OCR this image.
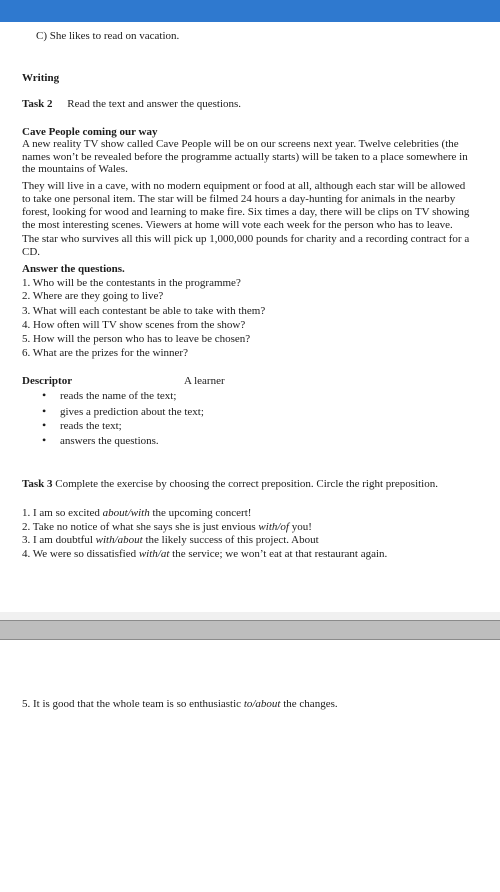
C) She likes to read on vacation.
Writing
Task 2 Read the text and answer the questions.
Cave People coming our way
A new reality TV show called Cave People will be on our screens next year. Twelve celebrities (the
names won’t be revealed before the programme actually starts) will be taken to a place somewhere in
the mountains of Wales.
They will live in a cave, with no modern equipment or food at all, although each star will be allowed
to take one personal item. The star will be filmed 24 hours a day-hunting for animals in the nearby
forest, looking for wood and learning to make fire. Six times a day, there will be clips on TV showing
the most interesting scenes. Viewers at home will vote each week for the person who has to leave.
The star who survives all this will pick up 1,000,000 pounds for charity and a recording contract for a
CD.
Answer the questions.
1. Who will be the contestants in the programme?
2. Where are they going to live?
3. What will each contestant be able to take with them?
4. How often will TV show scenes from the show?
5. How will the person who has to leave be chosen?
6. What are the prizes for the winner?
Descriptor	A learner
• reads the name of the text;
• gives a prediction about the text;
• reads the text;
• answers the questions.
Task 3 Complete the exercise by choosing the correct preposition. Circle the right preposition.
1. I am so excited about/with the upcoming concert!
2. Take no notice of what she says she is just envious with/of you!
3. I am doubtful with/about the likely success of this project. About
4. We were so dissatisfied with/at the service; we won’t eat at that restaurant again.
5. It is good that the whole team is so enthusiastic to/about the changes.
